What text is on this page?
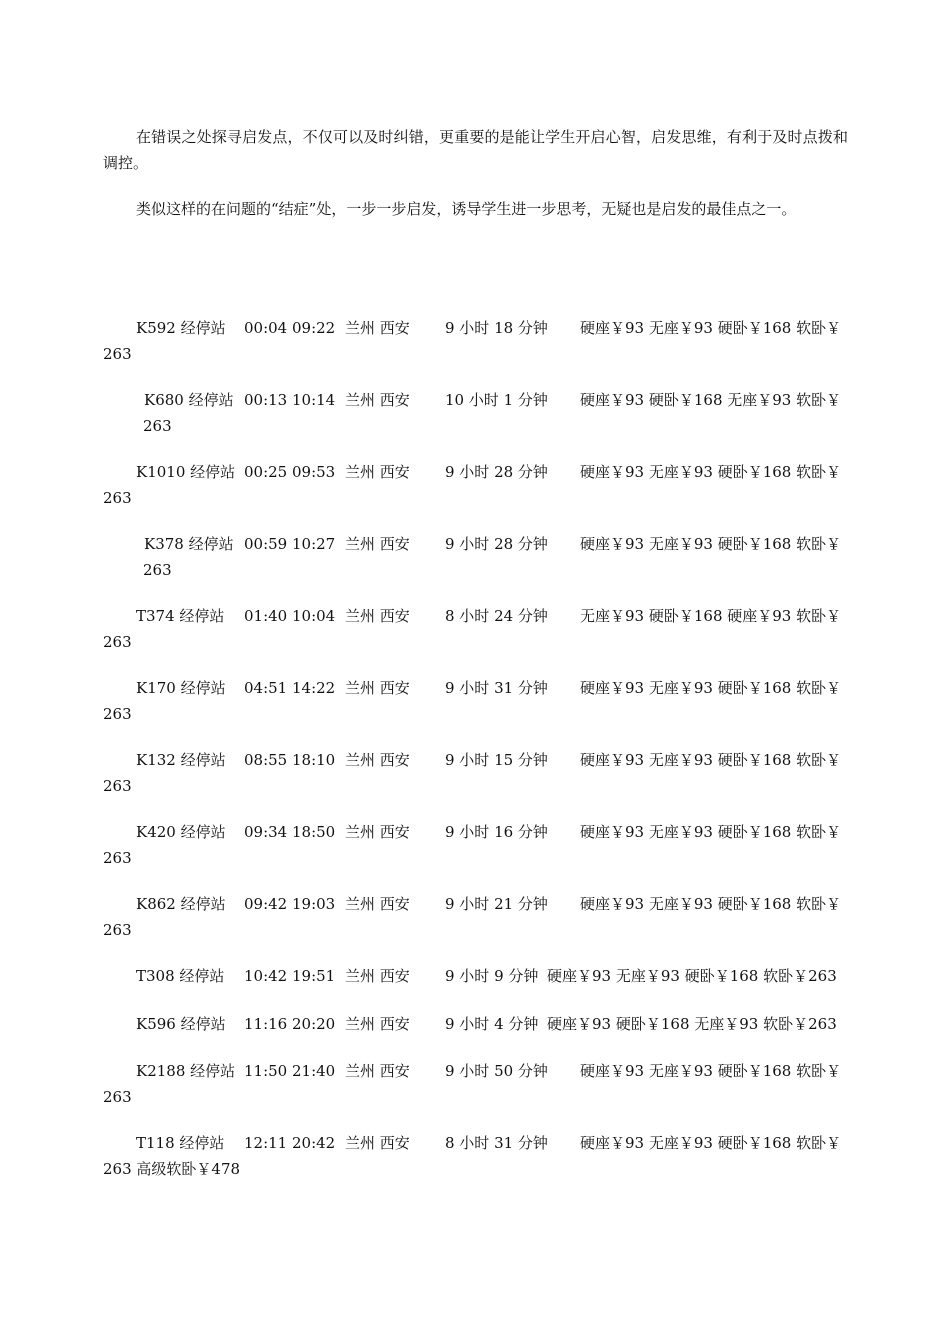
在错误之处探寻启发点，不仅可以及时纠错，更重要的是能让学生开启心智，启发思维，有利于及时点拨和调控。

类似这样的在问题的“结症”处，一步一步启发，诱导学生进一步思考，无疑也是启发的最佳点之一。

K592 经停站 00:04 09:22 兰州 西安 9 小时 18 分钟 硬座￥93 无座￥93 硬卧￥168 软卧￥
263
K680 经停站 00:13 10:14 兰州 西安 10 小时 1 分钟 硬座￥93 硬卧￥168 无座￥93 软卧￥
263
K1010 经停站 00:25 09:53 兰州 西安 9 小时 28 分钟 硬座￥93 无座￥93 硬卧￥168 软卧￥
263
K378 经停站 00:59 10:27 兰州 西安 9 小时 28 分钟 硬座￥93 无座￥93 硬卧￥168 软卧￥
263
T374 经停站 01:40 10:04 兰州 西安 8 小时 24 分钟 无座￥93 硬卧￥168 硬座￥93 软卧￥
263
K170 经停站 04:51 14:22 兰州 西安 9 小时 31 分钟 硬座￥93 无座￥93 硬卧￥168 软卧￥
263
K132 经停站 08:55 18:10 兰州 西安 9 小时 15 分钟 硬座￥93 无座￥93 硬卧￥168 软卧￥
263
K420 经停站 09:34 18:50 兰州 西安 9 小时 16 分钟 硬座￥93 无座￥93 硬卧￥168 软卧￥
263
K862 经停站 09:42 19:03 兰州 西安 9 小时 21 分钟 硬座￥93 无座￥93 硬卧￥168 软卧￥
263
T308 经停站 10:42 19:51 兰州 西安 9 小时 9 分钟 硬座￥93 无座￥93 硬卧￥168 软卧￥263
K596 经停站 11:16 20:20 兰州 西安 9 小时 4 分钟 硬座￥93 硬卧￥168 无座￥93 软卧￥263
K2188 经停站 11:50 21:40 兰州 西安 9 小时 50 分钟 硬座￥93 无座￥93 硬卧￥168 软卧￥
263
T118 经停站 12:11 20:42 兰州 西安 8 小时 31 分钟 硬座￥93 无座￥93 硬卧￥168 软卧￥
263 高级软卧￥478
